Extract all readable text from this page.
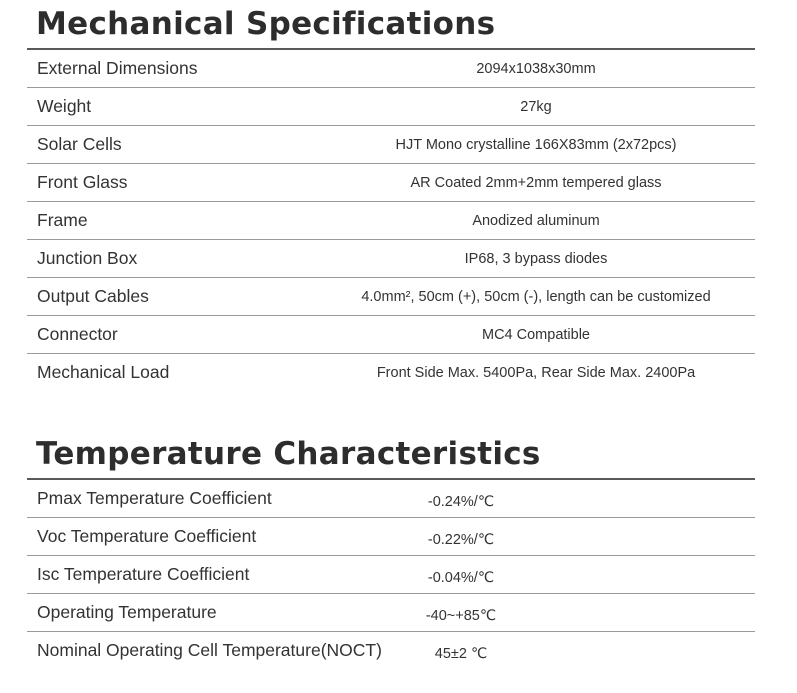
Mechanical Specifications
External Dimensions	2094x1038x30mm
Weight	27kg
Solar Cells	HJT Mono crystalline 166X83mm (2x72pcs)
Front Glass	AR Coated 2mm+2mm tempered glass
Frame	Anodized aluminum
Junction Box	IP68, 3 bypass diodes
Output Cables	4.0mm², 50cm (+), 50cm (-), length can be customized
Connector	MC4 Compatible
Mechanical Load	Front Side Max. 5400Pa, Rear Side Max. 2400Pa
Temperature Characteristics
Pmax Temperature Coefficient	-0.24%/℃
Voc Temperature Coefficient	-0.22%/℃
Isc Temperature Coefficient	-0.04%/℃
Operating Temperature	-40~+85℃
Nominal Operating Cell Temperature(NOCT)	45±2 ℃
